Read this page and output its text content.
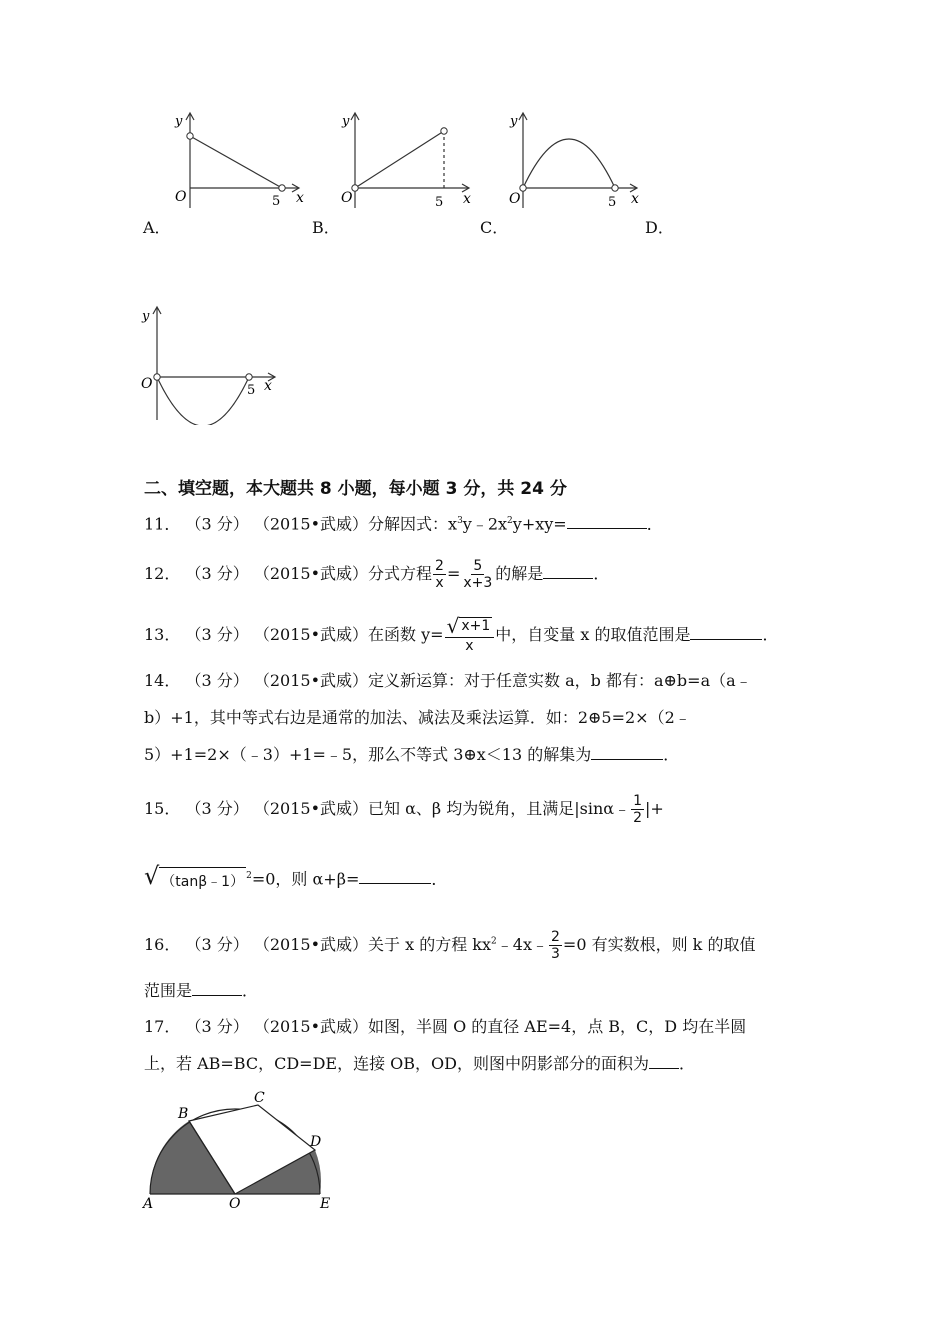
y
O	5 x
A．
y
O	5 x
B．
y
O	5 x
C．	D．
y
O	5 x
二、填空题，本大题共 8 小题，每小题 3 分，共 24 分
11． （3 分） （2015•武威）分解因式：$x^3y﹣2x^2y+xy=$	．
12． （3 分） （2015•武威）分式方程 $\frac{2}{x} = \frac{5}{x+3}$ 的解是	．
13． （3 分） （2015•武威）在函数 $y= \frac{√ x+1}{x}$ 中，自变量 x 的取值范围是	．
14． （3 分） （2015•武威）定义新运算：对于任意实数 a，b 都有：a⊕b=a（a﹣
b）+1，其中等式右边是通常的加法、减法及乘法运算．如：2⊕5=2×（2﹣
5）+1=2×（﹣3）+1=﹣5，那么不等式 3⊕x＜13 的解集为	．
15． （3 分） （2015•武威）已知 α、β 均为锐角，且满足|sinα﹣ $\frac{1}{2}$ |+
√ （tanβ﹣1） $^2$=0，则 α+β=	．
16． （3 分） （2015•武威）关于 x 的方程 $kx^2﹣4x﹣ \frac{2}{3} =0$ 有实数根，则 k 的取值
范围是	．
17． （3 分） （2015•武威）如图，半圆 O 的直径 AE=4，点 B，C，D 均在半圆
上，若 AB=BC，CD=DE，连接 OB，OD，则图中阴影部分的面积为 ．
A
B
C
D
E
O
